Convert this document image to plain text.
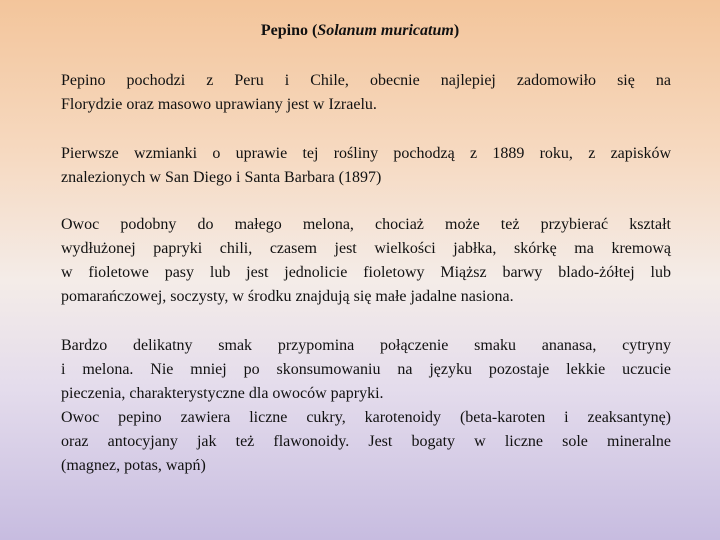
Pepino (Solanum muricatum)
Pepino pochodzi z Peru i Chile, obecnie najlepiej zadomowiło się na
Florydzie oraz masowo uprawiany jest w Izraelu.
Pierwsze wzmianki o uprawie tej rośliny pochodzą z 1889 roku, z zapisków
znalezionych w San Diego i Santa Barbara (1897)
Owoc podobny do małego melona, chociaż może też przybierać kształt
wydłużonej papryki chili, czasem jest wielkości jabłka, skórkę ma kremową
w fioletowe pasy lub jest jednolicie fioletowy Miąższ barwy blado-żółtej lub
pomarańczowej, soczysty, w środku znajdują się małe jadalne nasiona.
Bardzo delikatny smak przypomina połączenie smaku ananasa, cytryny
i melona. Nie mniej po skonsumowaniu na języku pozostaje lekkie uczucie
pieczenia, charakterystyczne dla owoców papryki.
Owoc pepino zawiera liczne cukry, karotenoidy (beta-karoten i zeaksantynę)
oraz antocyjany jak też flawonoidy. Jest bogaty w liczne sole mineralne
(magnez, potas, wapń)
